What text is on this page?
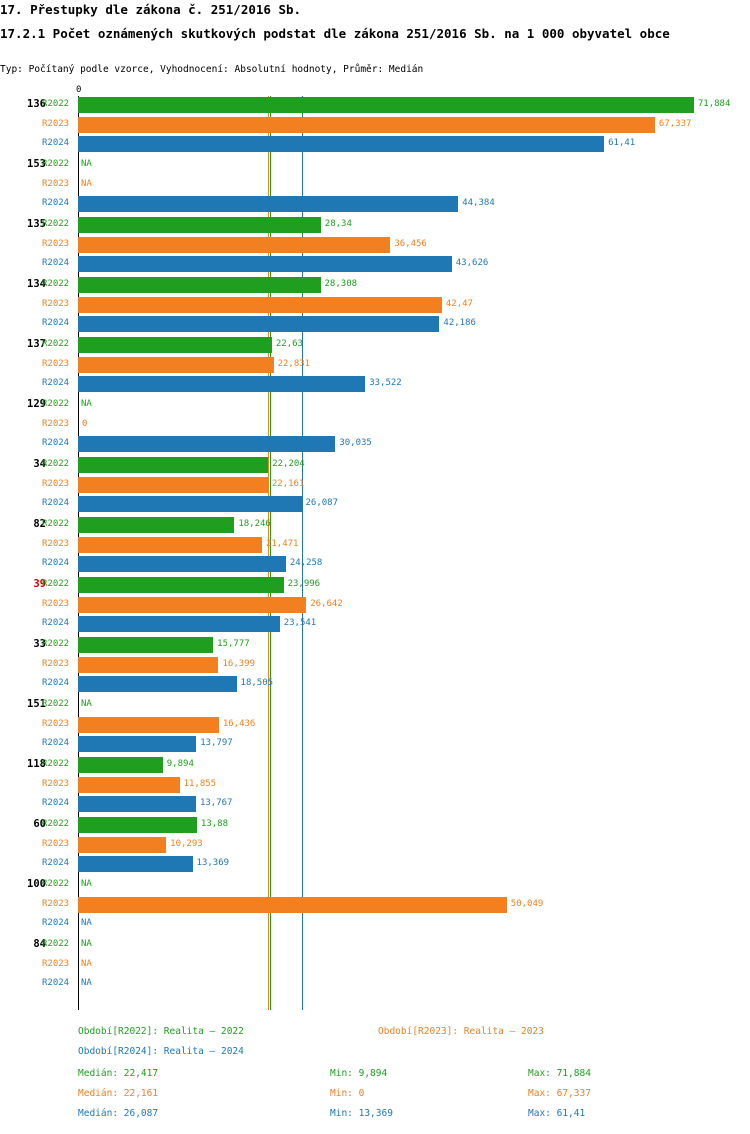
17. Přestupky dle zákona č. 251/2016 Sb.
17.2.1 Počet oznámených skutkových podstat dle zákona 251/2016 Sb. na 1 000 obyvatel obce
Typ: Počítaný podle vzorce, Vyhodnocení: Absolutní hodnoty, Průměr: Medián
0
136
R2022	71,884
R2023	67,337
R2024	61,41
153
R2022 NA
R2023 NA
R2024	44,384
135
R2022	28,34
R2023	36,456
R2024	43,626
134
R2022	28,308
R2023	42,47
R2024	42,186
137
R2022	22,63
R2023	22,831
R2024	33,522
129
R2022 NA
R2023 0
R2024	30,035
34
R2022	22,204
R2023	22,161
R2024	26,087
82
R2022	18,246
R2023	21,471
R2024	24,258
39
R2022	23,996
R2023	26,642
R2024	23,541
33
R2022	15,777
R2023	16,399
R2024	18,505
151
R2022 NA
R2023	16,436
R2024	13,797
118
R2022	9,894
R2023	11,855
R2024	13,767
60
R2022	13,88
R2023	10,293
R2024	13,369
100
R2022 NA
R2023	50,049
R2024 NA
84
R2022 NA
R2023 NA
R2024 NA
Období[R2022]: Realita – 2022	Období[R2023]: Realita – 2023
Období[R2024]: Realita – 2024
Medián: 22,417	Min: 9,894	Max: 71,884
Medián: 22,161	Min: 0	Max: 67,337
Medián: 26,087	Min: 13,369	Max: 61,41
